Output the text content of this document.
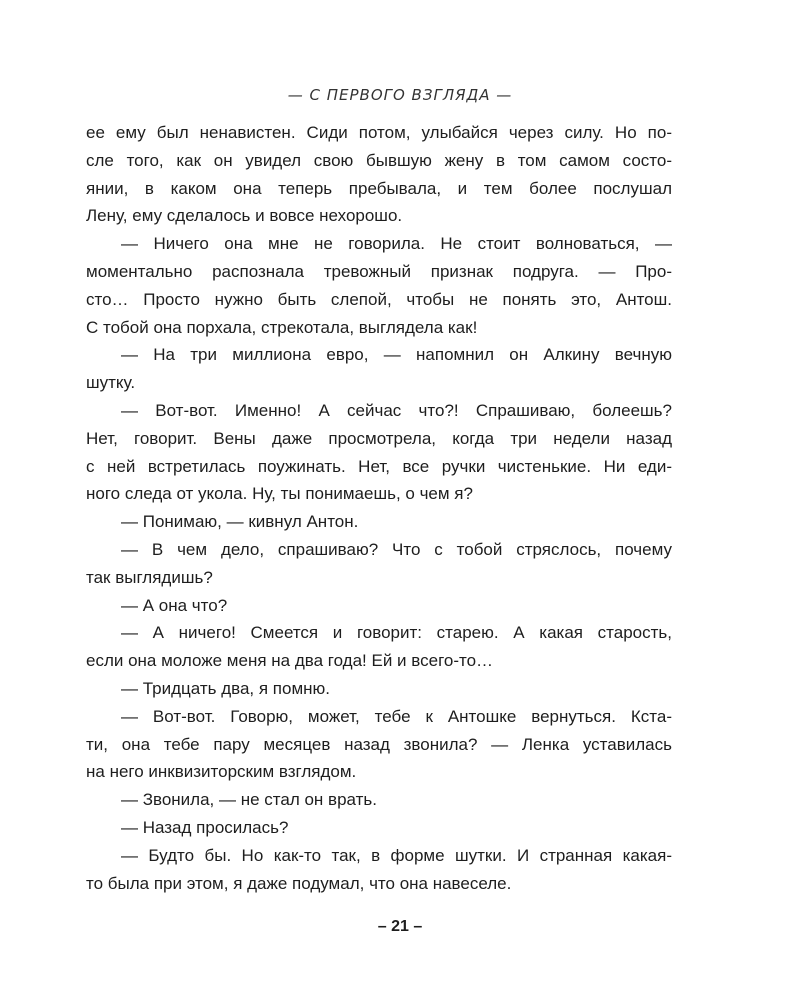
— С ПЕРВОГО ВЗГЛЯДА —
ее ему был ненавистен. Сиди потом, улыбайся через силу. Но по-
сле того, как он увидел свою бывшую жену в том самом состо-
янии, в каком она теперь пребывала, и тем более послушал
Лену, ему сделалось и вовсе нехорошо.
— Ничего она мне не говорила. Не стоит волноваться, —
моментально распознала тревожный признак подруга. — Про-
сто… Просто нужно быть слепой, чтобы не понять это, Антош.
С тобой она порхала, стрекотала, выглядела как!
— На три миллиона евро, — напомнил он Алкину вечную
шутку.
— Вот-вот. Именно! А сейчас что?! Спрашиваю, болеешь?
Нет, говорит. Вены даже просмотрела, когда три недели назад
с ней встретилась поужинать. Нет, все ручки чистенькие. Ни еди-
ного следа от укола. Ну, ты понимаешь, о чем я?
— Понимаю, — кивнул Антон.
— В чем дело, спрашиваю? Что с тобой стряслось, почему
так выглядишь?
— А она что?
— А ничего! Смеется и говорит: старею. А какая старость,
если она моложе меня на два года! Ей и всего-то…
— Тридцать два, я помню.
— Вот-вот. Говорю, может, тебе к Антошке вернуться. Кста-
ти, она тебе пару месяцев назад звонила? — Ленка уставилась
на него инквизиторским взглядом.
— Звонила, — не стал он врать.
— Назад просилась?
— Будто бы. Но как-то так, в форме шутки. И странная какая-
то была при этом, я даже подумал, что она навеселе.
– 21 –
